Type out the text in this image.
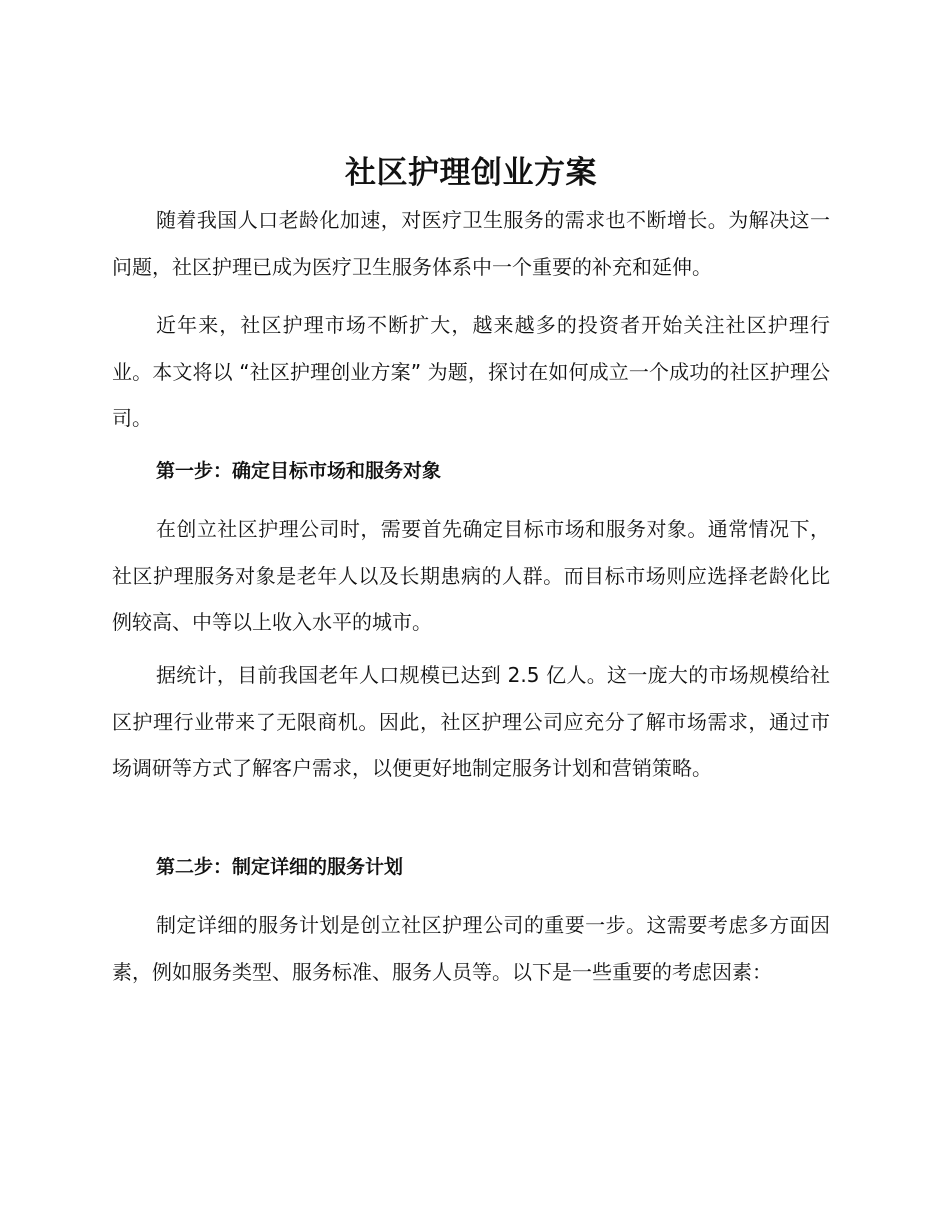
社区护理创业方案

随着我国人口老龄化加速，对医疗卫生服务的需求也不断增长。为解决这一问题，社区护理已成为医疗卫生服务体系中一个重要的补充和延伸。

近年来，社区护理市场不断扩大，越来越多的投资者开始关注社区护理行业。本文将以 “社区护理创业方案” 为题，探讨在如何成立一个成功的社区护理公司。

第一步：确定目标市场和服务对象

在创立社区护理公司时，需要首先确定目标市场和服务对象。通常情况下，社区护理服务对象是老年人以及长期患病的人群。而目标市场则应选择老龄化比例较高、中等以上收入水平的城市。

据统计，目前我国老年人口规模已达到 2.5 亿人。这一庞大的市场规模给社区护理行业带来了无限商机。因此，社区护理公司应充分了解市场需求，通过市场调研等方式了解客户需求，以便更好地制定服务计划和营销策略。

第二步：制定详细的服务计划

制定详细的服务计划是创立社区护理公司的重要一步。这需要考虑多方面因素，例如服务类型、服务标准、服务人员等。以下是一些重要的考虑因素：
